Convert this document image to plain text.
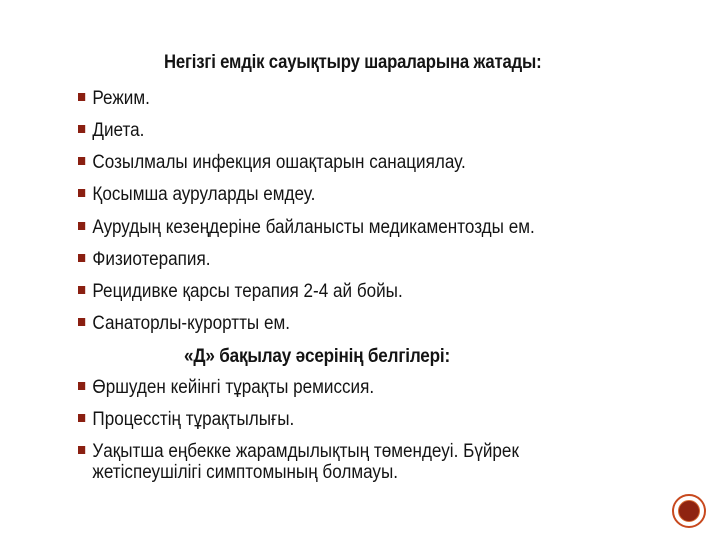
Негізгі емдік сауықтыру шараларына жатады:
Режим.
Диета.
Созылмалы инфекция ошақтарын санациялау.
Қосымша ауруларды емдеу.
Аурудың кезеңдеріне байланысты медикаментозды ем.
Физиотерапия.
Рецидивке қарсы терапия 2-4 ай бойы.
Санаторлы-курортты ем.
«Д» бақылау әсерінің белгілері:
Өршуден кейінгі тұрақты ремиссия.
Процесстің тұрақтылығы.
Уақытша еңбекке жарамдылықтың төмендеуі. Бүйрек
жетіспеушілігі симптомының болмауы.
